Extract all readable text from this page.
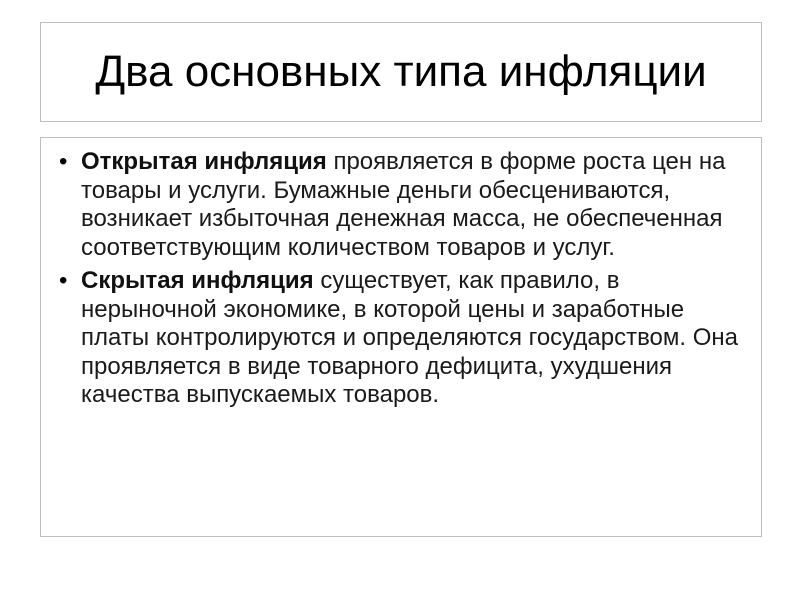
Два основных типа инфляции
• Открытая инфляция проявляется в форме роста цен на товары и услуги. Бумажные деньги обесцениваются, возникает избыточная денежная масса, не обеспеченная соответствующим количеством товаров и услуг.
• Скрытая инфляция существует, как правило, в нерыночной экономике, в которой цены и заработные платы контролируются и определяются государством. Она проявляется в виде товарного дефицита, ухудшения качества выпускаемых товаров.
